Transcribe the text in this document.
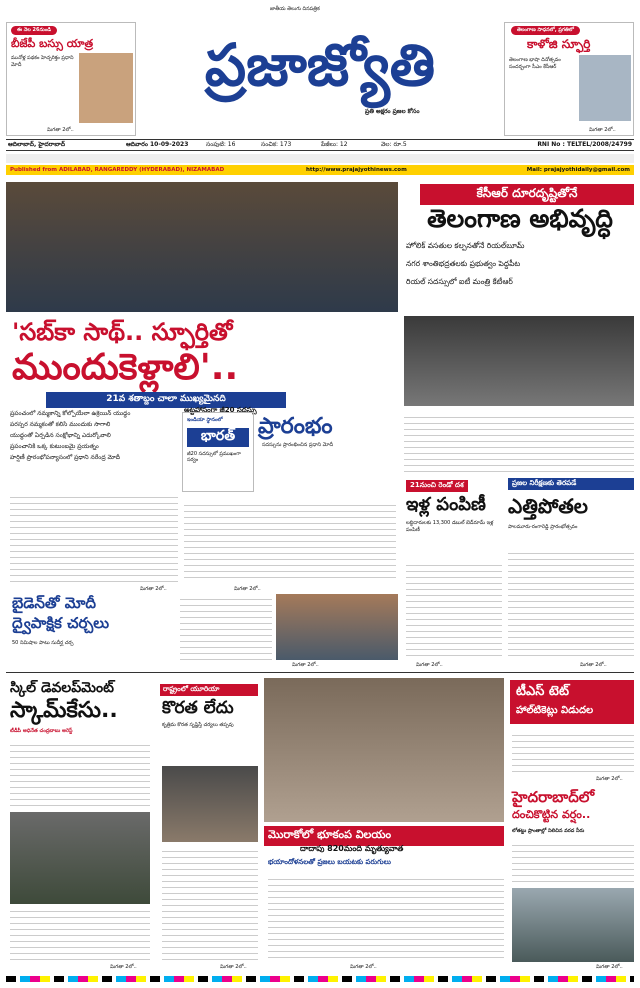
ఈ నెల 26నుండి
బీజేపీ బస్సు యాత్ర
మునోళ్ల పథకం హెచ్చరిక్తం ప్రధాని మోదీ
మిగతా 2లో..
జాతీయ తెలుగు దినపత్రిక
ప్రజాజ్యోతి
ప్రతి అక్షరం ప్రజల కోసం
తెలంగాణ సాధనలో, ప్రగతిలో
కాళోజి స్ఫూర్తి
తెలంగాణ భాషా దినోత్సవం సందర్భంగా సీఎం కేసీఆర్
మిగతా 2లో..
ఆదిలాబాద్, హైదరాబాద్	ఆదివారం 10-09-2023	సంపుటి: 16	సంచిక: 173	పేజీలు: 12	వెల: రూ.5	RNI No : TELTEL/2008/24799
Published from ADILABAD, RANGAREDDY (HYDERABAD), NIZAMABAD	http://www.prajajyothinews.com	Mail: prajajyothidaily@gmail.com
కేసీఆర్ దూరదృష్టితోనే
తెలంగాణ అభివృద్ధి
హోలిక్ వసతుల కల్పనతోనే రియల్‌బూమ్
నగర శాంతిభద్రతలకు ప్రభుత్వం పెద్దపీట
రియల్ సదస్సులో ఐటీ మంత్రి కేటీఆర్
'సబ్‌కా సాథ్.. స్ఫూర్తితో
ముందుకెళ్లాలి'..
21వ శతాబ్దం చాలా ముఖ్యమైనది
ప్రపంచంలో నమ్మకాన్ని కోల్పోయేలా ఉక్రెయిన్ యుద్ధం
పరస్పర నమ్మకంతో కలిసి ముందుకు సాగాలి
యుద్ధంతో ఏర్పడిన సంక్షోభాన్ని ఎదుర్కోవాలి
ప్రపంచానికి ఒక్క కుటుంబమై ప్రయత్నం
హర్షిణీ ప్రారంభోపన్యాసంలో ప్రధాని నరేంద్ర మోదీ
మిగతా 2లో..
అట్టహాసంగా జీ20 సదస్సు
ప్రారంభం
సదస్సును ప్రారంభించిన ప్రధాని మోదీ
ఇండియా స్థానంలో
భారత్
జీ20 సదస్సులో ప్రముఖంగా సర్వం
మిగతా 2లో..
21నుంచి రెండో దశ
ఇళ్ల పంపిణీ
లబ్ధిదారులకు 13,300 డబుల్ బెడ్‌రూమ్ ఇళ్ల పంపిణీ
మిగతా 2లో..
ప్రజల నిరీక్షణకు తెరపడే
ఎత్తిపోతల
పాలమూరు-రంగారెడ్డి ప్రారంభోత్సవం
మిగతా 2లో..
బైడెన్‌తో మోదీ
ద్వైపాక్షిక చర్చలు
50 నిమిషాల పాటు సుదీర్ఘ చర్చ
మిగతా 2లో..
స్కిల్ డెవలప్‌మెంట్
స్కామ్‌కేసు..
టీడీపీ అధినేత చంద్రబాబు అరెస్ట్
మిగతా 2లో..
రాష్ట్రంలో యూరియా
కొరత లేదు
కృత్రిమ కొరత సృష్టిస్తే చర్యలు తప్పవు
మిగతా 2లో..
మొరాకోలో భూకంప విలయం
దాదాపు 820మంది మృత్యువాత
భయాందోళనలతో ప్రజలు బయటకు పరుగులు
మిగతా 2లో..
టీఎస్ టెట్
హాల్‌టికెట్లు విడుదల
మిగతా 2లో..
హైదరాబాద్‌లో
దంచికొట్టిన వర్షం..
లోతట్టు ప్రాంతాల్లో నిలిచిన వరద నీరు
మిగతా 2లో..
